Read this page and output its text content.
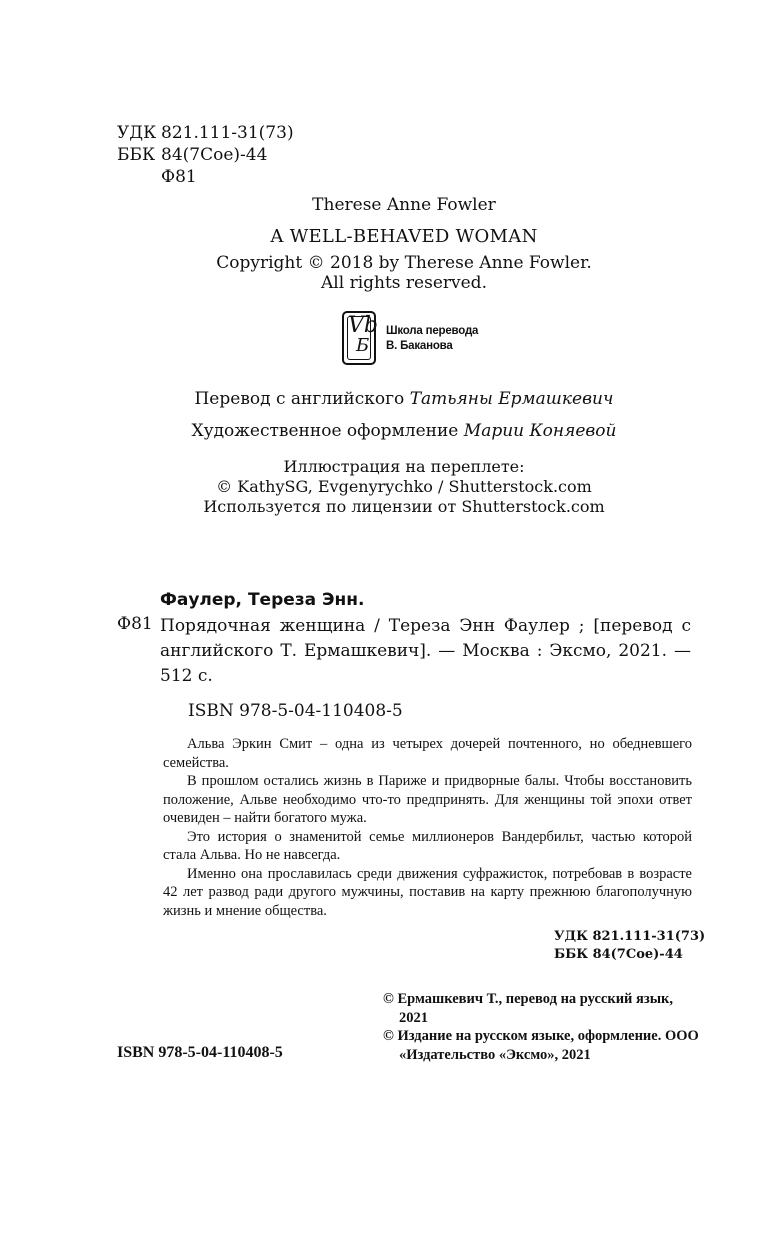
УДК 821.111-31(73)
ББК 84(7Сое)-44
Ф81
Therese Anne Fowler
A WELL-BEHAVED WOMAN
Copyright © 2018 by Therese Anne Fowler.
All rights reserved.
Vb
Б
Школа перевода
В. Баканова
Перевод с английского Татьяны Ермашкевич
Художественное оформление Марии Коняевой
Иллюстрация на переплете:
© KathySG, Evgenyrychko / Shutterstock.com
Используется по лицензии от Shutterstock.com
Фаулер, Тереза Энн.
Ф81 Порядочная женщина / Тереза Энн Фаулер ; [перевод с английского Т. Ермашкевич]. — Москва : Эксмо, 2021. — 512 с.
ISBN 978-5-04-110408-5

Альва Эркин Смит – одна из четырех дочерей почтенного, но обедневшего семейства.

В прошлом остались жизнь в Париже и придворные балы. Чтобы восстановить положение, Альве необходимо что-то предпринять. Для женщины той эпохи ответ очевиден – найти богатого мужа.

Это история о знаменитой семье миллионеров Вандербильт, частью которой стала Альва. Но не навсегда.

Именно она прославилась среди движения суфражисток, потребовав в возрасте 42 лет развод ради другого мужчины, поставив на карту прежнюю благополучную жизнь и мнение общества.

УДК 821.111-31(73)
ББК 84(7Сое)-44
© Ермашкевич Т., перевод на русский язык, 2021
© Издание на русском языке, оформление. ООО «Издательство «Эксмо», 2021
ISBN 978-5-04-110408-5
